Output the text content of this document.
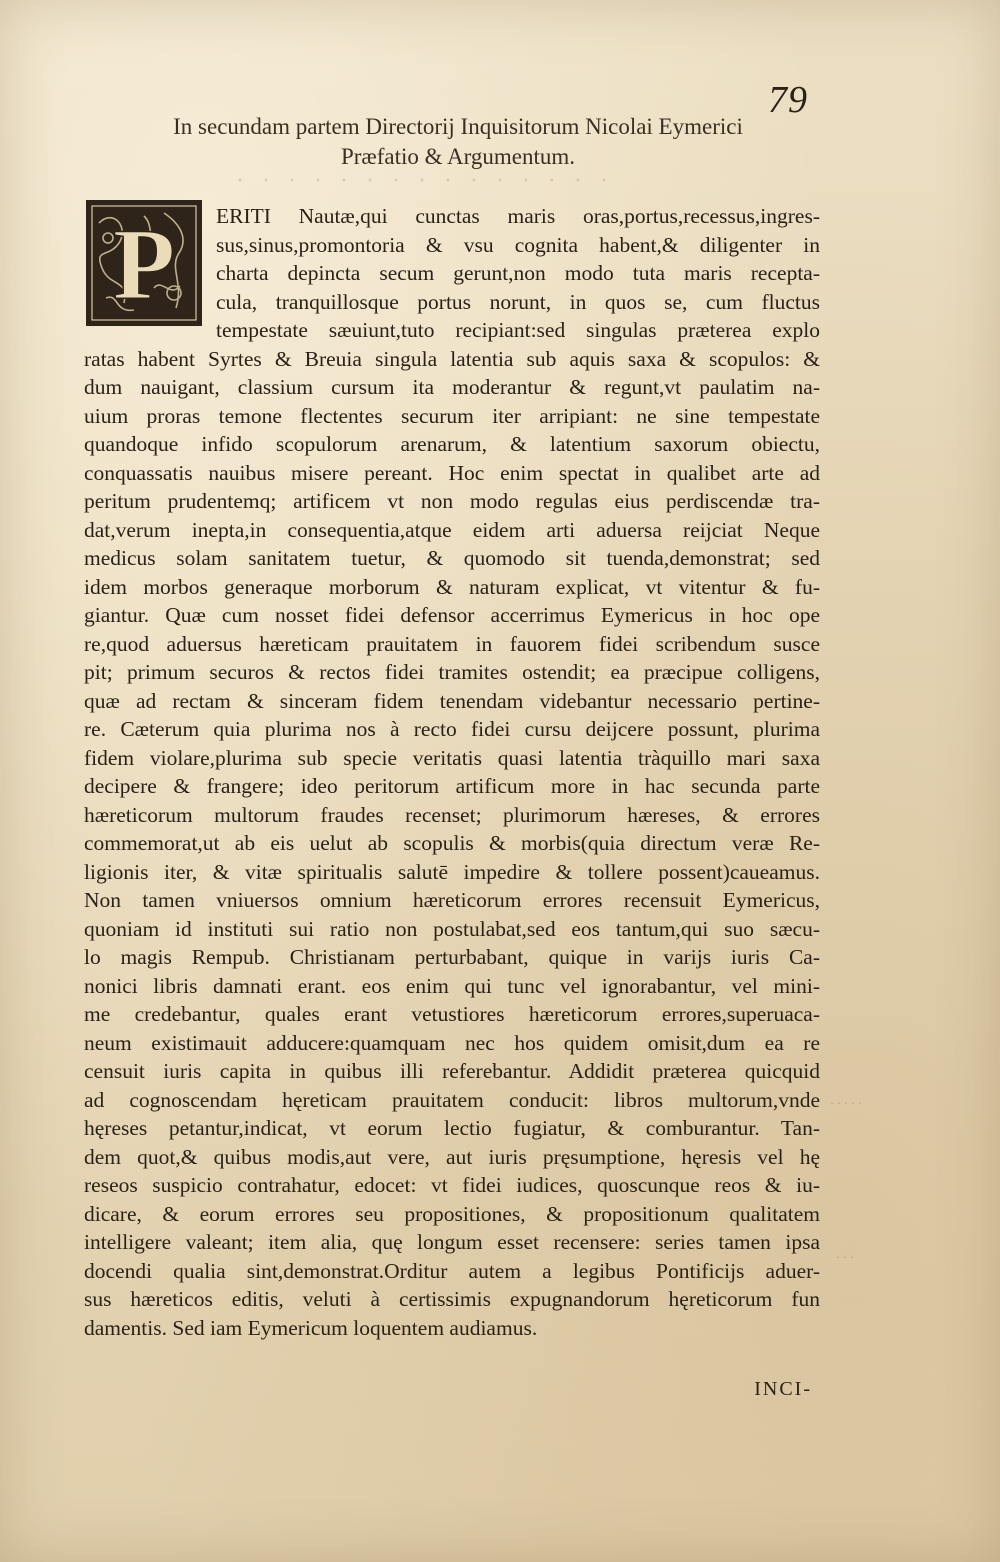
79
In secundam partem Directorij Inquisitorum Nicolai Eymerici
Præfatio & Argumentum.
· · · · · · · · · · · · · · ·
P ERITI Nautæ,qui cunctas maris oras,portus,recessus,ingres-
sus,sinus,promontoria & vsu cognita habent,& diligenter in
charta depincta secum gerunt,non modo tuta maris recepta-
cula, tranquillosque portus norunt, in quos se, cum fluctus
tempestate sæuiunt,tuto recipiant:sed singulas præterea explo
ratas habent Syrtes & Breuia singula latentia sub aquis saxa & scopulos: &
dum nauigant, classium cursum ita moderantur & regunt,vt paulatim na-
uium proras temone flectentes securum iter arripiant: ne sine tempestate
quandoque infido scopulorum arenarum, & latentium saxorum obiectu,
conquassatis nauibus misere pereant. Hoc enim spectat in qualibet arte ad
peritum prudentemq; artificem vt non modo regulas eius perdiscendæ tra-
dat,verum inepta,in consequentia,atque eidem arti aduersa reijciat Neque
medicus solam sanitatem tuetur, & quomodo sit tuenda,demonstrat; sed
idem morbos generaque morborum & naturam explicat, vt vitentur & fu-
giantur. Quæ cum nosset fidei defensor accerrimus Eymericus in hoc ope
re,quod aduersus hæreticam prauitatem in fauorem fidei scribendum susce
pit; primum securos & rectos fidei tramites ostendit; ea præcipue colligens,
quæ ad rectam & sinceram fidem tenendam videbantur necessario pertine-
re. Cæterum quia plurima nos à recto fidei cursu deijcere possunt, plurima
fidem violare,plurima sub specie veritatis quasi latentia tràquillo mari saxa
decipere & frangere; ideo peritorum artificum more in hac secunda parte
hæreticorum multorum fraudes recenset; plurimorum hæreses, & errores
commemorat,ut ab eis uelut ab scopulis & morbis(quia directum veræ Re-
ligionis iter, & vitæ spiritualis salutē impedire & tollere possent)caueamus.
Non tamen vniuersos omnium hæreticorum errores recensuit Eymericus,
quoniam id instituti sui ratio non postulabat,sed eos tantum,qui suo sæcu-
lo magis Rempub. Christianam perturbabant, quique in varijs iuris Ca-
nonici libris damnati erant. eos enim qui tunc vel ignorabantur, vel mini-
me credebantur, quales erant vetustiores hæreticorum errores,superuaca-
neum existimauit adducere:quamquam nec hos quidem omisit,dum ea re
censuit iuris capita in quibus illi referebantur. Addidit præterea quicquid
ad cognoscendam hęreticam prauitatem conducit: libros multorum,vnde
hęreses petantur,indicat, vt eorum lectio fugiatur, & comburantur. Tan-
dem quot,& quibus modis,aut vere, aut iuris pręsumptione, hęresis vel hę
reseos suspicio contrahatur, edocet: vt fidei iudices, quoscunque reos & iu-
dicare, & eorum errores seu propositiones, & propositionum qualitatem
intelligere valeant; item alia, quę longum esset recensere: series tamen ipsa
docendi qualia sint,demonstrat.Orditur autem a legibus Pontificijs aduer-
sus hæreticos editis, veluti à certissimis expugnandorum hęreticorum fun
damentis. Sed iam Eymericum loquentem audiamus.
· · · · ·
· · ·
INCI-
